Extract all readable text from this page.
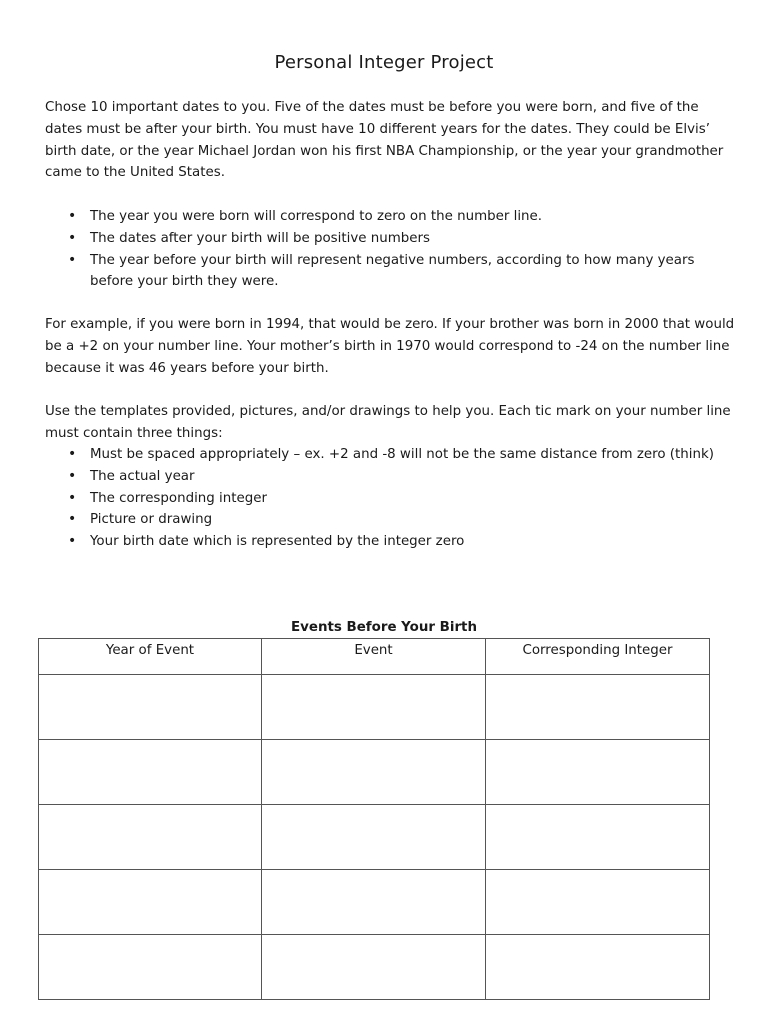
Personal Integer Project

Chose 10 important dates to you. Five of the dates must be before you were born, and five of the dates must be after your birth. You must have 10 different years for the dates. They could be Elvis’ birth date, or the year Michael Jordan won his first NBA Championship, or the year your grandmother came to the United States.

• The year you were born will correspond to zero on the number line.
• The dates after your birth will be positive numbers
• The year before your birth will represent negative numbers, according to how many years before your birth they were.

For example, if you were born in 1994, that would be zero. If your brother was born in 2000 that would be a +2 on your number line. Your mother’s birth in 1970 would correspond to -24 on the number line because it was 46 years before your birth.

Use the templates provided, pictures, and/or drawings to help you. Each tic mark on your number line must contain three things:

• Must be spaced appropriately – ex. +2 and -8 will not be the same distance from zero (think)
• The actual year
• The corresponding integer
• Picture or drawing
• Your birth date which is represented by the integer zero
Events Before Your Birth
Year of Event	Event	Corresponding Integer
